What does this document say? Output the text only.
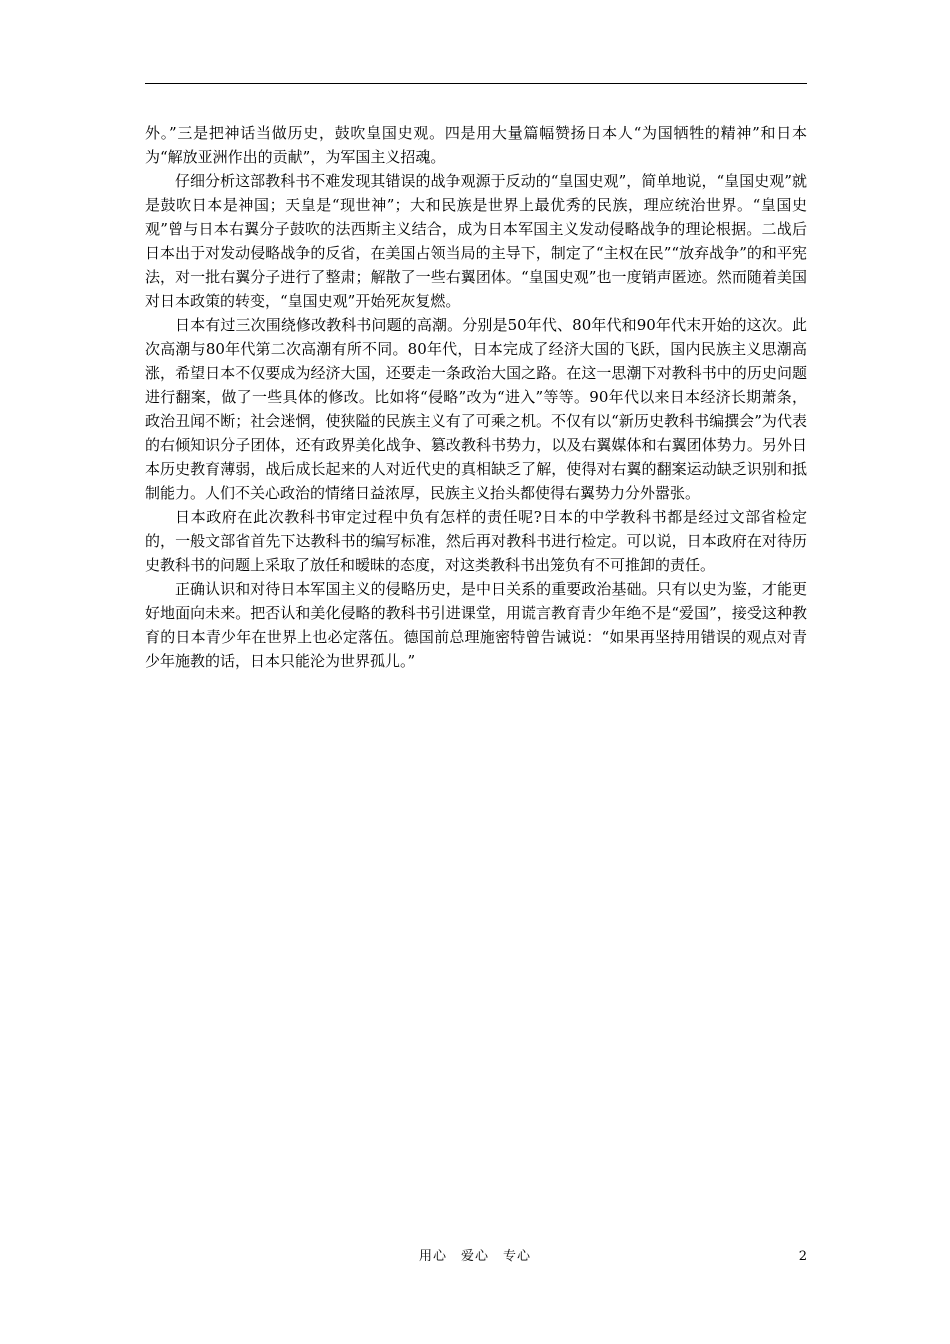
外。”三是把神话当做历史，鼓吹皇国史观。四是用大量篇幅赞扬日本人“为国牺牲的精神”和日本为“解放亚洲作出的贡献”，为军国主义招魂。

仔细分析这部教科书不难发现其错误的战争观源于反动的“皇国史观”，简单地说，“皇国史观”就是鼓吹日本是神国；天皇是“现世神”；大和民族是世界上最优秀的民族，理应统治世界。“皇国史观”曾与日本右翼分子鼓吹的法西斯主义结合，成为日本军国主义发动侵略战争的理论根据。二战后日本出于对发动侵略战争的反省，在美国占领当局的主导下，制定了“主权在民”“放弃战争”的和平宪法，对一批右翼分子进行了整肃；解散了一些右翼团体。“皇国史观”也一度销声匿迹。然而随着美国对日本政策的转变，“皇国史观”开始死灰复燃。

日本有过三次围绕修改教科书问题的高潮。分别是50年代、80年代和90年代末开始的这次。此次高潮与80年代第二次高潮有所不同。80年代，日本完成了经济大国的飞跃，国内民族主义思潮高涨，希望日本不仅要成为经济大国，还要走一条政治大国之路。在这一思潮下对教科书中的历史问题进行翻案，做了一些具体的修改。比如将“侵略”改为“进入”等等。90年代以来日本经济长期萧条，政治丑闻不断；社会迷惘，使狭隘的民族主义有了可乘之机。不仅有以“新历史教科书编撰会”为代表的右倾知识分子团体，还有政界美化战争、篡改教科书势力，以及右翼媒体和右翼团体势力。另外日本历史教育薄弱，战后成长起来的人对近代史的真相缺乏了解，使得对右翼的翻案运动缺乏识别和抵制能力。人们不关心政治的情绪日益浓厚，民族主义抬头都使得右翼势力分外嚣张。

日本政府在此次教科书审定过程中负有怎样的责任呢?日本的中学教科书都是经过文部省检定的，一般文部省首先下达教科书的编写标准，然后再对教科书进行检定。可以说，日本政府在对待历史教科书的问题上采取了放任和暧昧的态度，对这类教科书出笼负有不可推卸的责任。

正确认识和对待日本军国主义的侵略历史，是中日关系的重要政治基础。只有以史为鉴，才能更好地面向未来。把否认和美化侵略的教科书引进课堂，用谎言教育青少年绝不是“爱国”，接受这种教育的日本青少年在世界上也必定落伍。德国前总理施密特曾告诫说：“如果再坚持用错误的观点对青少年施教的话，日本只能沦为世界孤儿。”

用心　爱心　专心	2
